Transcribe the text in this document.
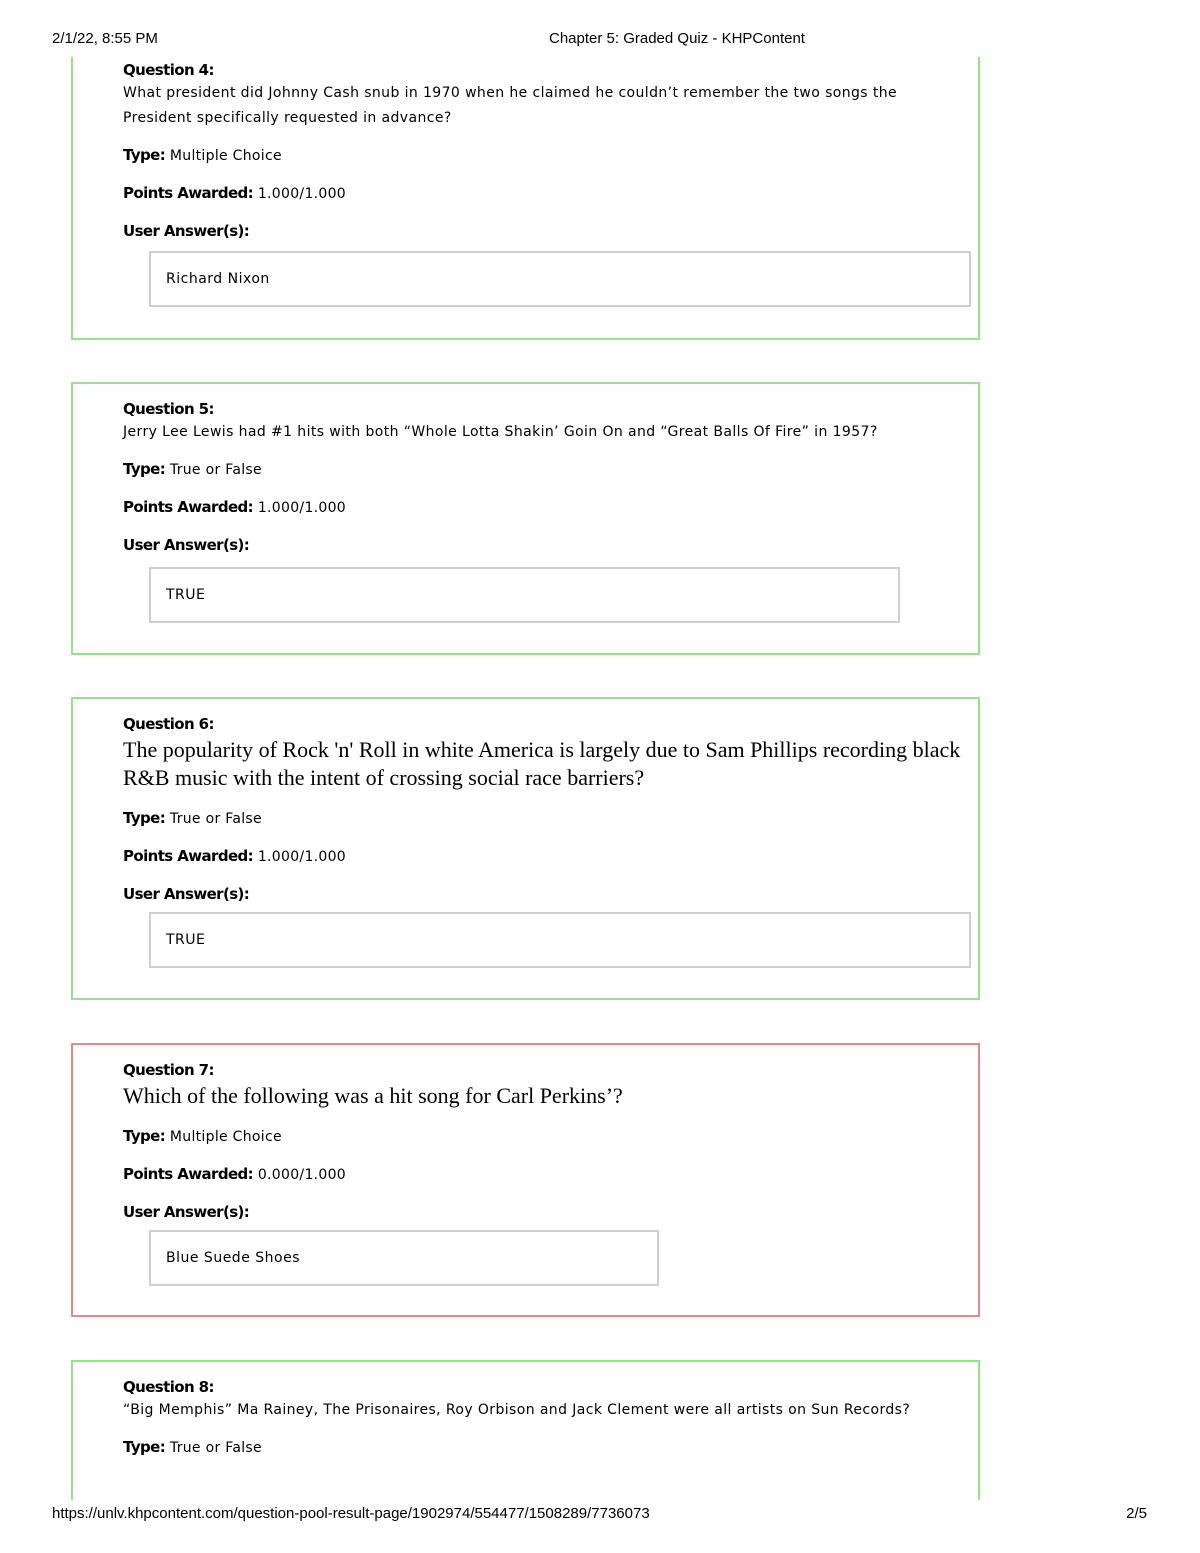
2/1/22, 8:55 PM	Chapter 5: Graded Quiz - KHPContent
Question 4:
What president did Johnny Cash snub in 1970 when he claimed he couldn’t remember the two songs the President specifically requested in advance?
Type: Multiple Choice
Points Awarded: 1.000/1.000
User Answer(s):
Richard Nixon
Question 5:
Jerry Lee Lewis had #1 hits with both “Whole Lotta Shakin’ Goin On and “Great Balls Of Fire” in 1957?
Type: True or False
Points Awarded: 1.000/1.000
User Answer(s):
TRUE
Question 6:
The popularity of Rock 'n' Roll in white America is largely due to Sam Phillips recording black R&B music with the intent of crossing social race barriers?
Type: True or False
Points Awarded: 1.000/1.000
User Answer(s):
TRUE
Question 7:
Which of the following was a hit song for Carl Perkins’?
Type: Multiple Choice
Points Awarded: 0.000/1.000
User Answer(s):
Blue Suede Shoes
Question 8:
“Big Memphis” Ma Rainey, The Prisonaires, Roy Orbison and Jack Clement were all artists on Sun Records?
Type: True or False
https://unlv.khpcontent.com/question-pool-result-page/1902974/554477/1508289/7736073	2/5
